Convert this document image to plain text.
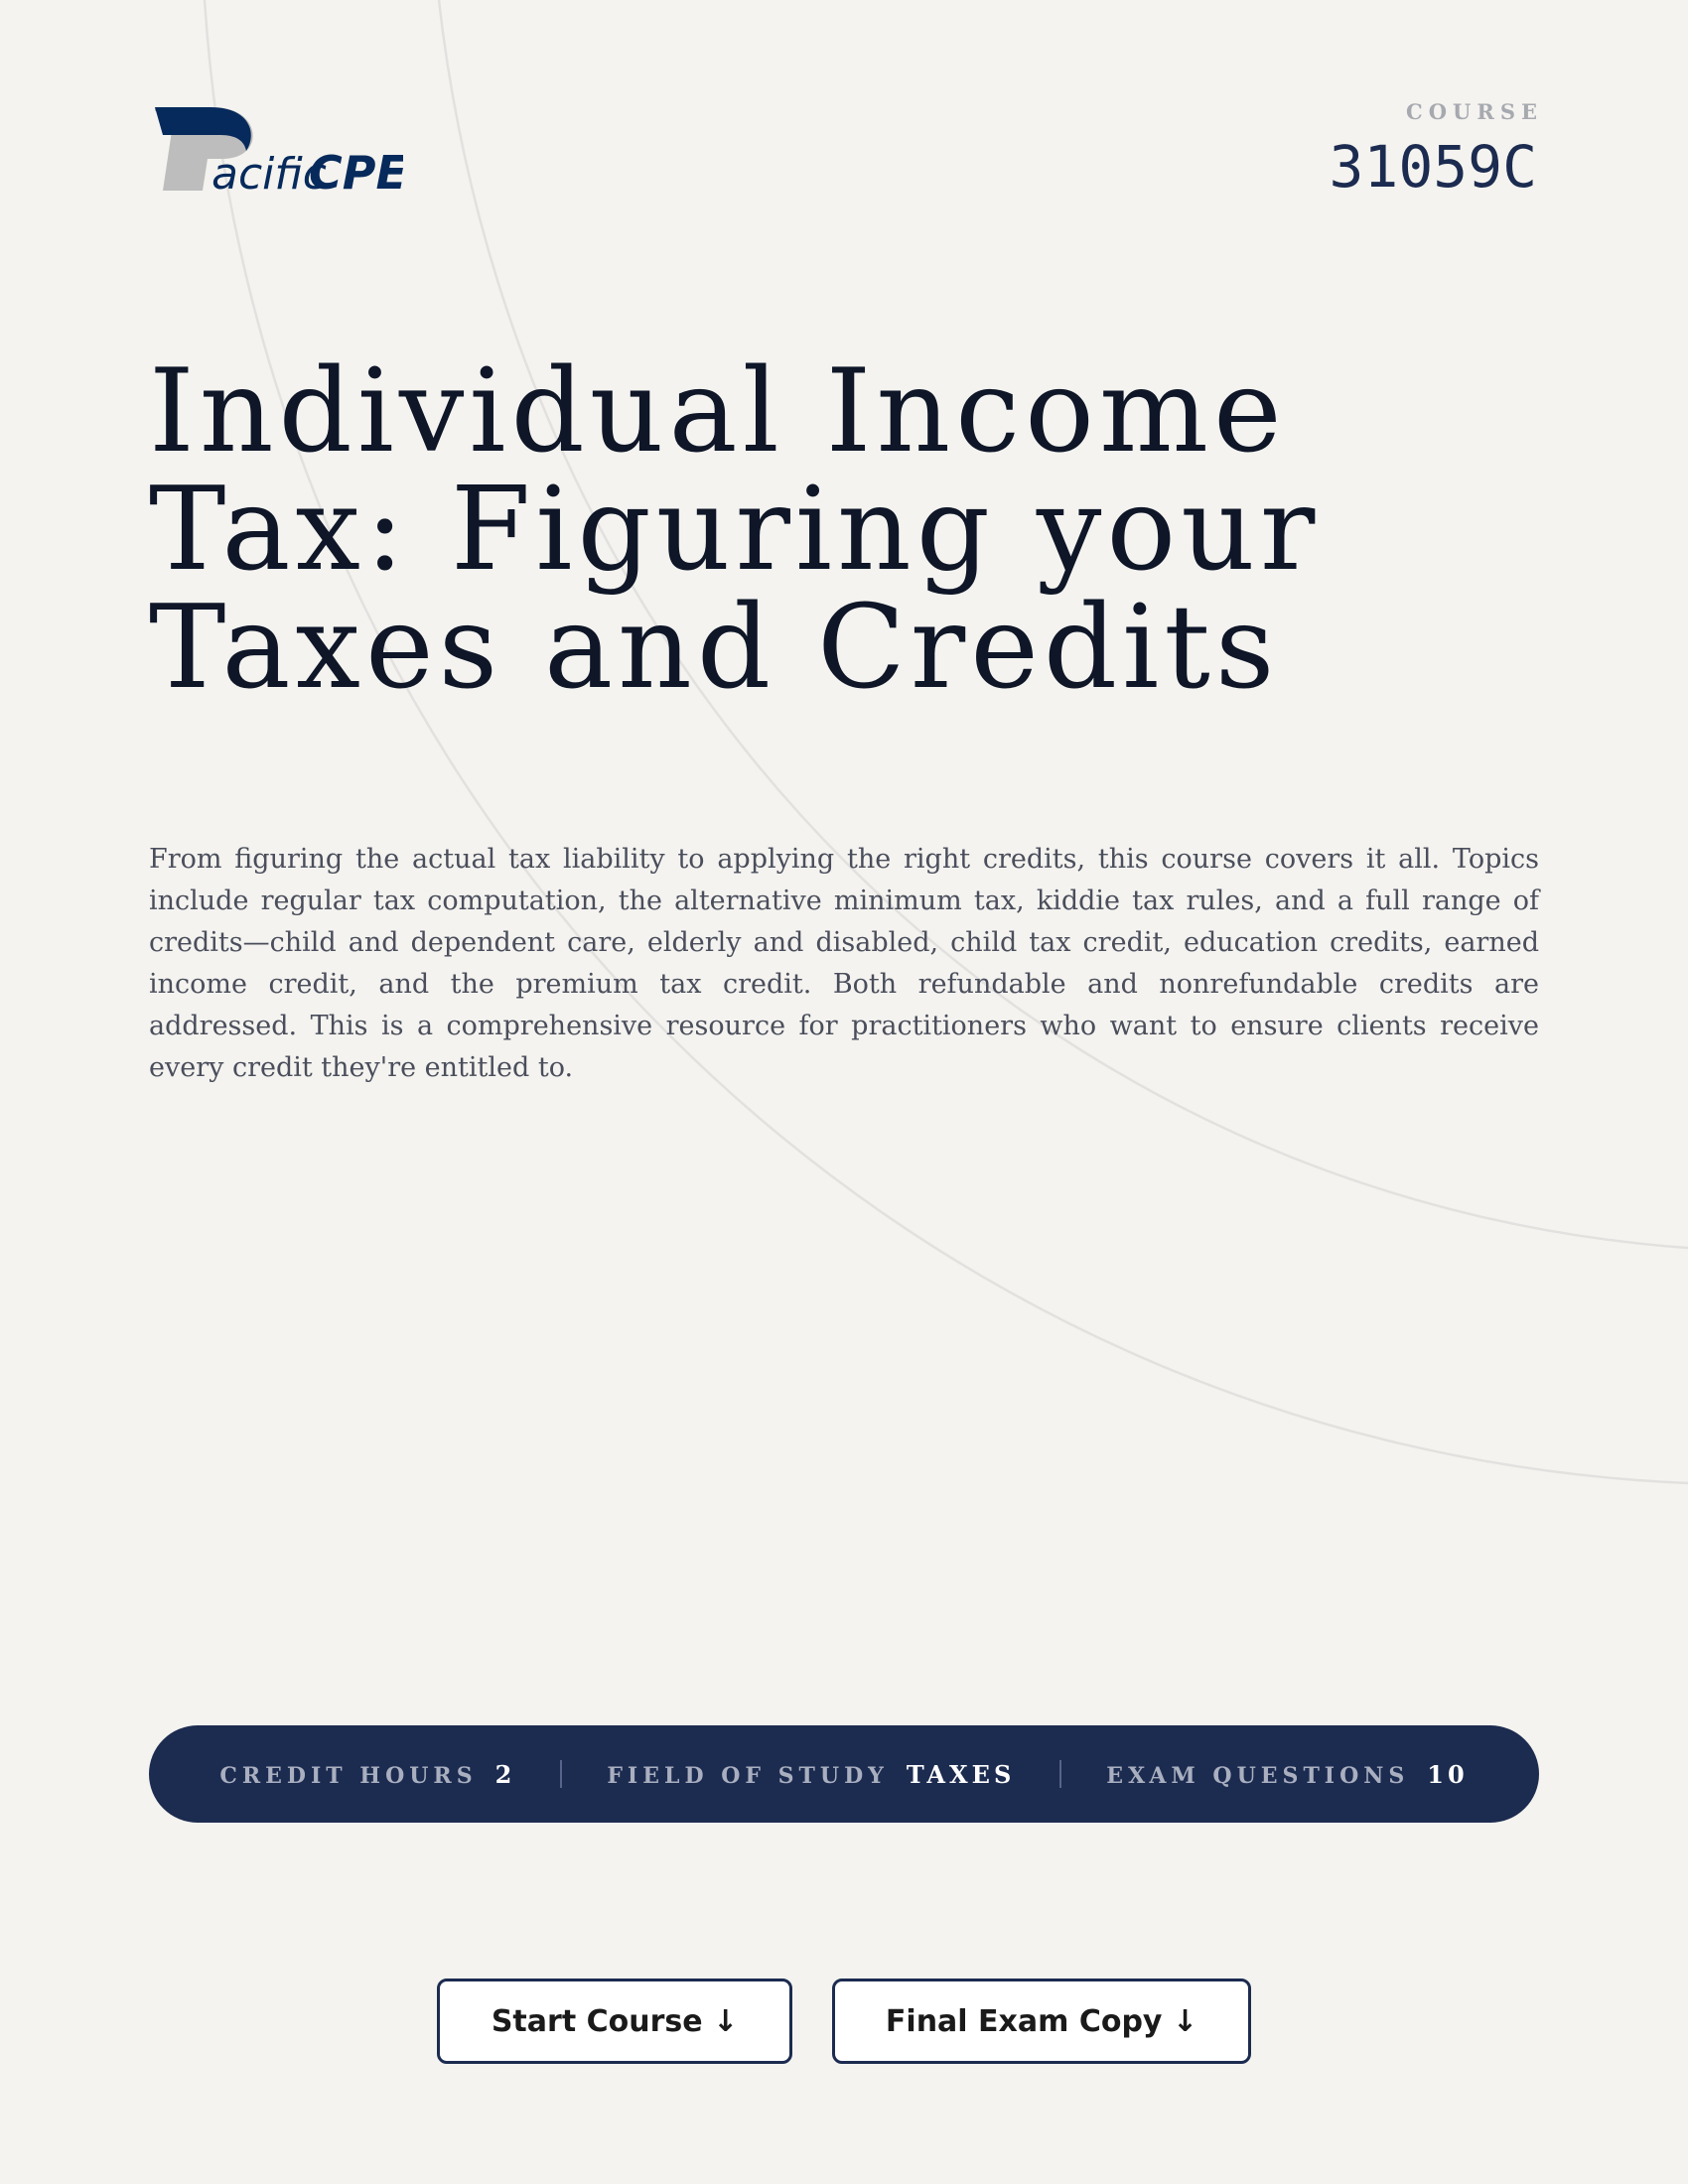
acific
CPE
COURSE
31059C
Individual Income Tax: Figuring your Taxes and Credits

From figuring the actual tax liability to applying the right credits, this course covers it all. Topics include regular tax computation, the alternative minimum tax, kiddie tax rules, and a full range of credits—child and dependent care, elderly and disabled, child tax credit, education credits, earned income credit, and the premium tax credit. Both refundable and nonrefundable credits are addressed. This is a comprehensive resource for practitioners who want to ensure clients receive every credit they're entitled to.

CREDIT HOURS 2	FIELD OF STUDY TAXES	EXAM QUESTIONS 10
Start Course ↓	Final Exam Copy ↓
